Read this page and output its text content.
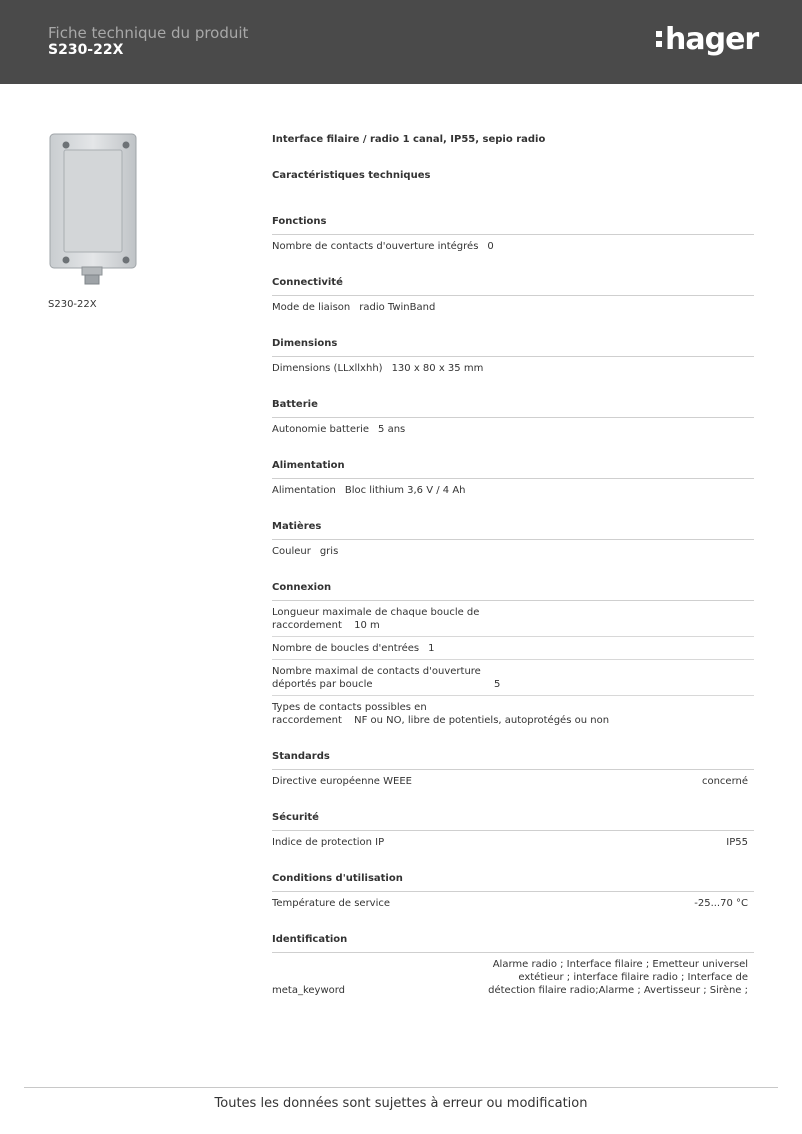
Fiche technique du produit
S230-22X	hager
S230-22X
Interface filaire / radio 1 canal, IP55, sepio radio
Caractéristiques techniques
Fonctions
Nombre de contacts d'ouverture intégrés 0
Connectivité
Mode de liaison radio TwinBand
Dimensions
Dimensions (LLxllxhh) 130 x 80 x 35 mm
Batterie
Autonomie batterie 5 ans
Alimentation
Alimentation Bloc lithium 3,6 V / 4 Ah
Matières
Couleur gris
Connexion
Longueur maximale de chaque boucle de
raccordement 10 m
Nombre de boucles d'entrées 1
Nombre maximal de contacts d'ouverture
déportés par boucle	5
Types de contacts possibles en
raccordement NF ou NO, libre de potentiels, autoprotégés ou non
Standards
Directive européenne WEEE	concerné
Sécurité
Indice de protection IP	IP55
Conditions d'utilisation
Température de service	-25...70 °C
Identification
meta_keyword
Alarme radio ; Interface filaire ; Emetteur universel
extétieur ; interface filaire radio ; Interface de
détection filaire radio;Alarme ; Avertisseur ; Sirène ;
Toutes les données sont sujettes à erreur ou modification
